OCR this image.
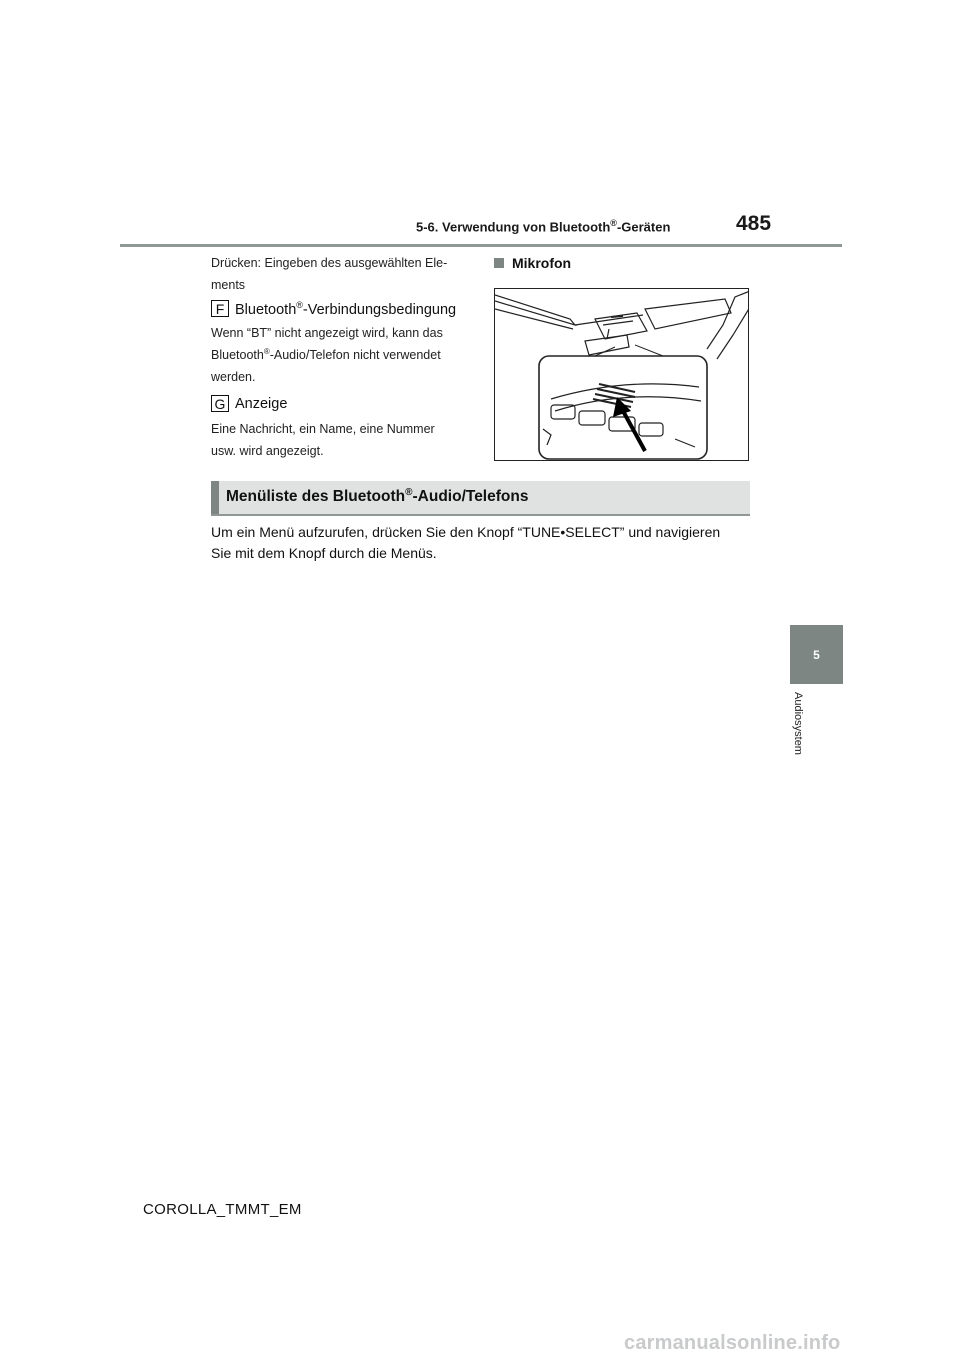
5-6. Verwendung von Bluetooth®-Geräten	485
Drücken: Eingeben des ausgewählten Ele-
ments
F Bluetooth®-Verbindungsbedingung
Wenn “BT” nicht angezeigt wird, kann das
Bluetooth®-Audio/Telefon nicht verwendet
werden.
G Anzeige
Eine Nachricht, ein Name, eine Nummer
usw. wird angezeigt.
Mikrofon
Menüliste des Bluetooth®-Audio/Telefons
Um ein Menü aufzurufen, drücken Sie den Knopf “TUNE•SELECT” und navigieren
Sie mit dem Knopf durch die Menüs.
5
Audiosystem
COROLLA_TMMT_EM
carmanualsonline.info
